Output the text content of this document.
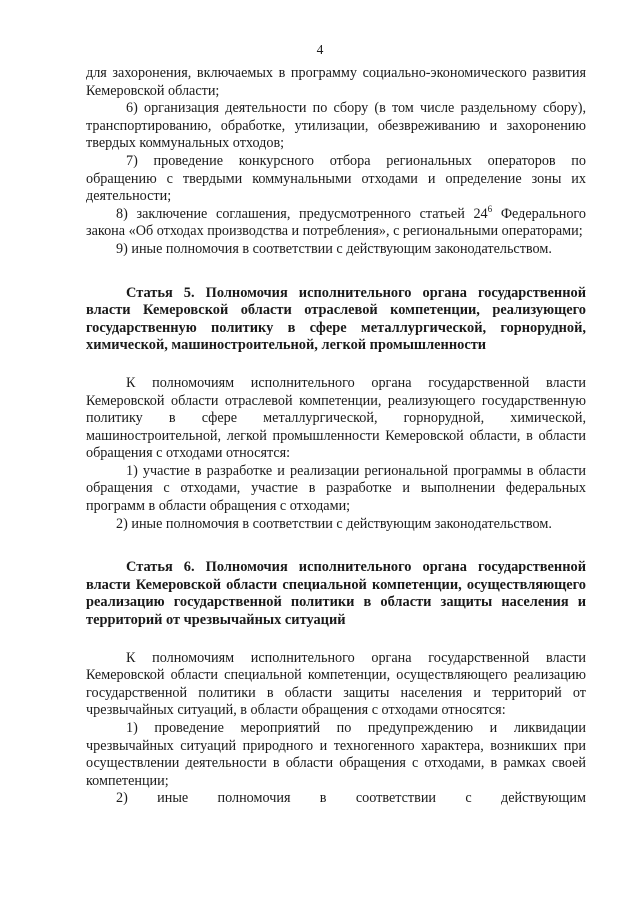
4

для захоронения, включаемых в программу социально-экономического развития Кемеровской области;

6) организация деятельности по сбору (в том числе раздельному сбору), транспортированию, обработке, утилизации, обезвреживанию и захоронению твердых коммунальных отходов;

7) проведение конкурсного отбора региональных операторов по обращению с твердыми коммунальными отходами и определение зоны их деятельности;

8) заключение соглашения, предусмотренного статьей $24^6$ Федерального закона «Об отходах производства и потребления», с региональными операторами;

9) иные полномочия в соответствии с действующим законодательством.

Статья 5. Полномочия исполнительного органа государственной власти Кемеровской области отраслевой компетенции, реализующего государственную политику в сфере металлургической, горнорудной, химической, машиностроительной, легкой промышленности

К полномочиям исполнительного органа государственной власти Кемеровской области отраслевой компетенции, реализующего государственную политику в сфере металлургической, горнорудной, химической, машиностроительной, легкой промышленности Кемеровской области, в области обращения с отходами относятся:

1) участие в разработке и реализации региональной программы в области обращения с отходами, участие в разработке и выполнении федеральных программ в области обращения с отходами;

2) иные полномочия в соответствии с действующим законодательством.

Статья 6. Полномочия исполнительного органа государственной власти Кемеровской области специальной компетенции, осуществляющего реализацию государственной политики в области защиты населения и территорий от чрезвычайных ситуаций

К полномочиям исполнительного органа государственной власти Кемеровской области специальной компетенции, осуществляющего реализацию государственной политики в области защиты населения и территорий от чрезвычайных ситуаций, в области обращения с отходами относятся:

1) проведение мероприятий по предупреждению и ликвидации чрезвычайных ситуаций природного и техногенного характера, возникших при осуществлении деятельности в области обращения с отходами, в рамках своей компетенции;

2) иные полномочия в соответствии с действующим
